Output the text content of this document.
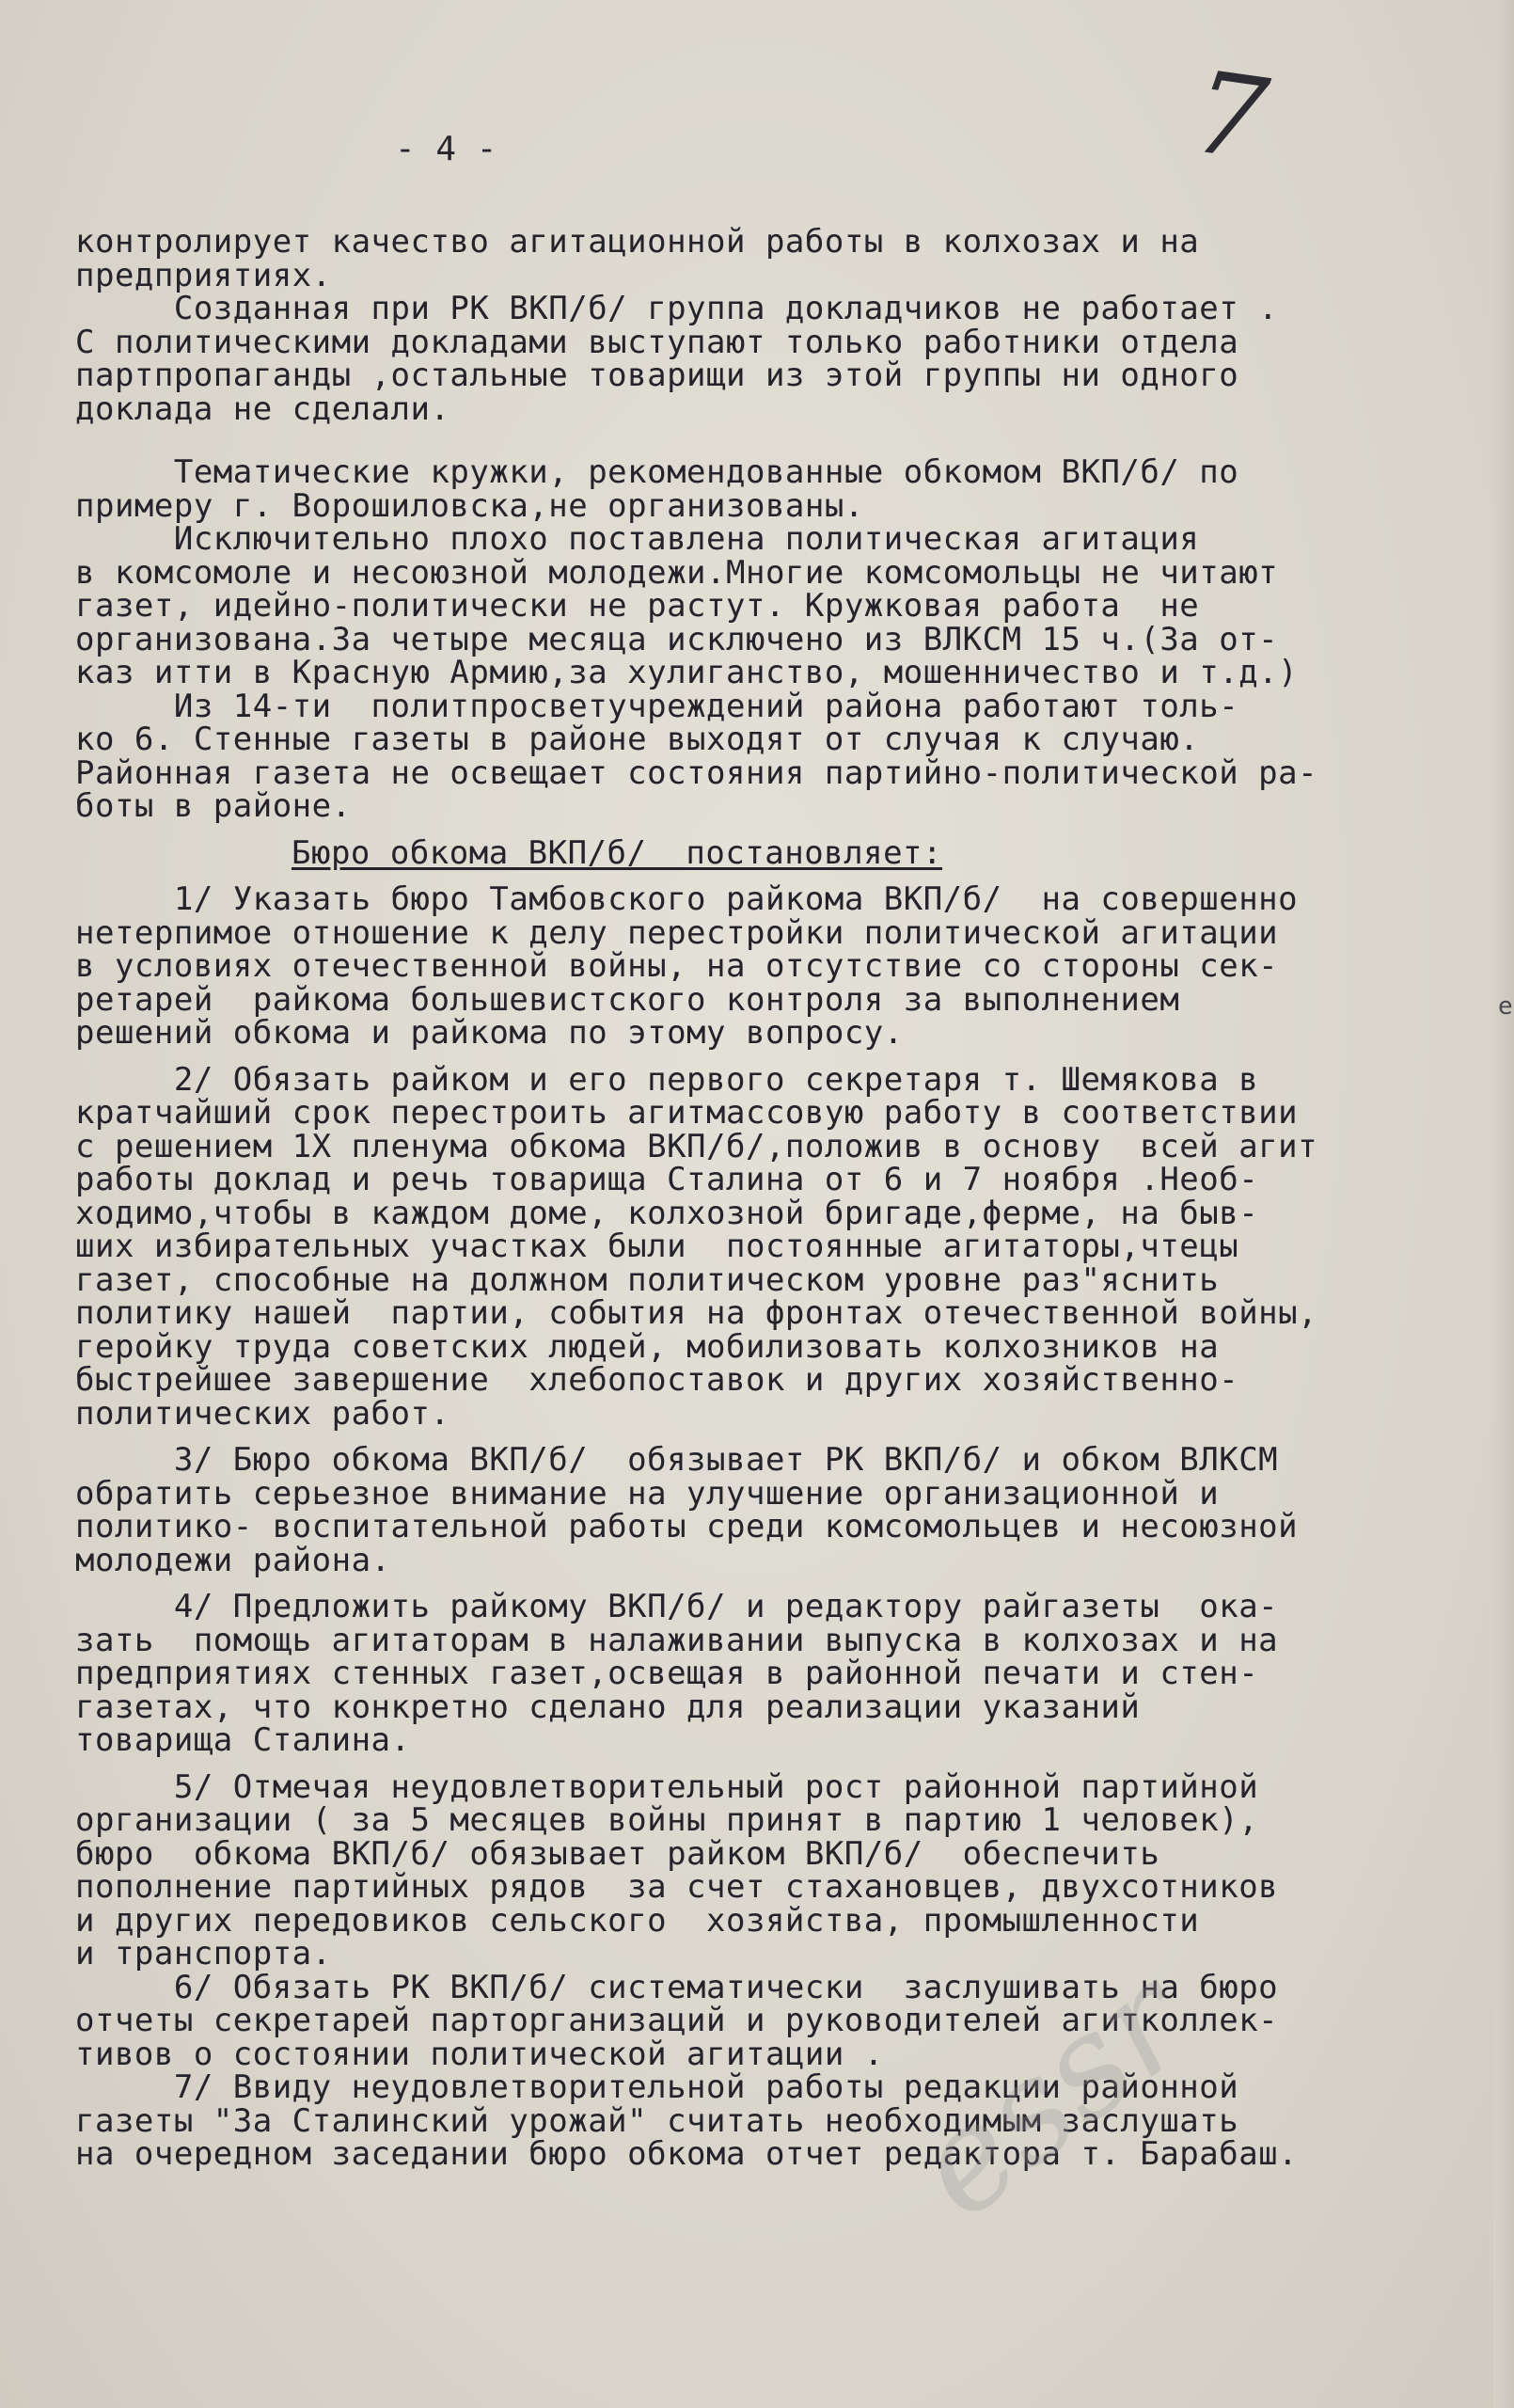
- 4 -	7
е
контролирует качество агитационной работы в колхозах и на
предприятиях.
Созданная при РК ВКП/б/ группа докладчиков не работает .
С политическими докладами выступают только работники отдела
партпропаганды ,остальные товарищи из этой группы ни одного
доклада не сделали.
Тематические кружки, рекомендованные обкомом ВКП/б/ по
примеру г. Ворошиловска,не организованы.
Исключительно плохо поставлена политическая агитация
в комсомоле и несоюзной молодежи.Многие комсомольцы не читают
газет, идейно-политически не растут. Кружковая работа  не
организована.За четыре месяца исключено из ВЛКСМ 15 ч.(За от-
каз итти в Красную Армию,за хулиганство, мошенничество и т.д.)
Из 14-ти  политпросветучреждений района работают толь-
ко 6. Стенные газеты в районе выходят от случая к случаю.
Районная газета не освещает состояния партийно-политической ра-
боты в районе.
Бюро обкома ВКП/б/  постановляет:
1/ Указать бюро Тамбовского райкома ВКП/б/  на совершенно
нетерпимое отношение к делу перестройки политической агитации
в условиях отечественной войны, на отсутствие со стороны сек-
ретарей  райкома большевистского контроля за выполнением
решений обкома и райкома по этому вопросу.
2/ Обязать райком и его первого секретаря т. Шемякова в
кратчайший срок перестроить агитмассовую работу в соответствии
с решением 1Х пленума обкома ВКП/б/,положив в основу  всей агит
работы доклад и речь товарища Сталина от 6 и 7 ноября .Необ-
ходимо,чтобы в каждом доме, колхозной бригаде,ферме, на быв-
ших избирательных участках были  постоянные агитаторы,чтецы
газет, способные на должном политическом уровне раз"яснить
политику нашей  партии, события на фронтах отечественной войны,
геройку труда советских людей, мобилизовать колхозников на
быстрейшее завершение  хлебопоставок и других хозяйственно-
политических работ.
3/ Бюро обкома ВКП/б/  обязывает РК ВКП/б/ и обком ВЛКСМ
обратить серьезное внимание на улучшение организационной и
политико- воспитательной работы среди комсомольцев и несоюзной
молодежи района.
4/ Предложить райкому ВКП/б/ и редактору райгазеты  ока-
зать  помощь агитаторам в налаживании выпуска в колхозах и на
предприятиях стенных газет,освещая в районной печати и стен-
газетах, что конкретно сделано для реализации указаний
товарища Сталина.
5/ Отмечая неудовлетворительный рост районной партийной
организации ( за 5 месяцев войны принят в партию 1 человек),
бюро  обкома ВКП/б/ обязывает райком ВКП/б/  обеспечить
пополнение партийных рядов  за счет стахановцев, двухсотников
и других передовиков сельского  хозяйства, промышленности
и транспорта.
6/ Обязать РК ВКП/б/ систематически  заслушивать на бюро
отчеты секретарей парторганизаций и руководителей агитколлек-
тивов о состоянии политической агитации .
7/ Ввиду неудовлетворительной работы редакции районной
газеты "За Сталинский урожай" считать необходимым заслушать
на очередном заседании бюро обкома отчет редактора т. Барабаш.
essr
